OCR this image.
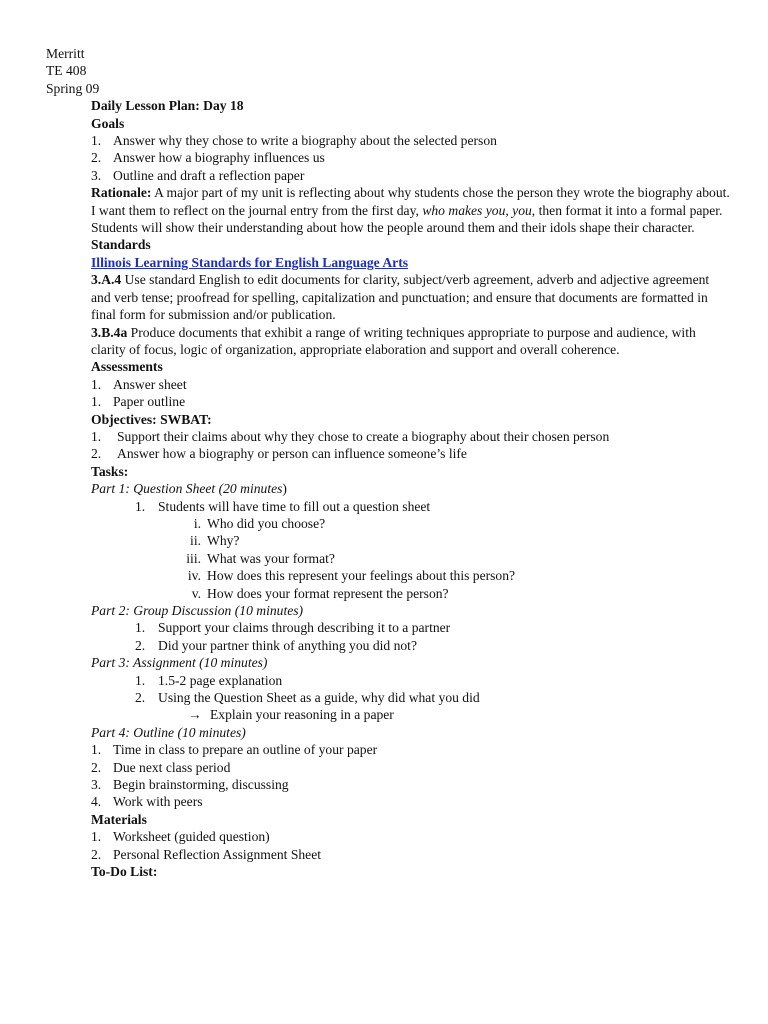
Merritt
TE 408
Spring 09
Daily Lesson Plan: Day 18
Goals
1. Answer why they chose to write a biography about the selected person
2. Answer how a biography influences us
3. Outline and draft a reflection paper

Rationale: A major part of my unit is reflecting about why students chose the person they wrote the biography about. I want them to reflect on the journal entry from the first day, who makes you, you, then format it into a formal paper. Students will show their understanding about how the people around them and their idols shape their character.

Standards
Illinois Learning Standards for English Language Arts

3.A.4 Use standard English to edit documents for clarity, subject/verb agreement, adverb and adjective agreement and verb tense; proofread for spelling, capitalization and punctuation; and ensure that documents are formatted in final form for submission and/or publication.

3.B.4a Produce documents that exhibit a range of writing techniques appropriate to purpose and audience, with clarity of focus, logic of organization, appropriate elaboration and support and overall coherence.

Assessments
1. Answer sheet
1. Paper outline
Objectives: SWBAT:
1. Support their claims about why they chose to create a biography about their chosen person
2. Answer how a biography or person can influence someone’s life
Tasks:
Part 1: Question Sheet (20 minutes)
1. Students will have time to fill out a question sheet
i. Who did you choose?
ii. Why?
iii. What was your format?
iv. How does this represent your feelings about this person?
v. How does your format represent the person?
Part 2: Group Discussion (10 minutes)
1. Support your claims through describing it to a partner
2. Did your partner think of anything you did not?
Part 3: Assignment (10 minutes)
1. 1.5-2 page explanation
2. Using the Question Sheet as a guide, why did what you did
→ Explain your reasoning in a paper
Part 4: Outline (10 minutes)
1. Time in class to prepare an outline of your paper
2. Due next class period
3. Begin brainstorming, discussing
4. Work with peers
Materials
1. Worksheet (guided question)
2. Personal Reflection Assignment Sheet
To-Do List:
